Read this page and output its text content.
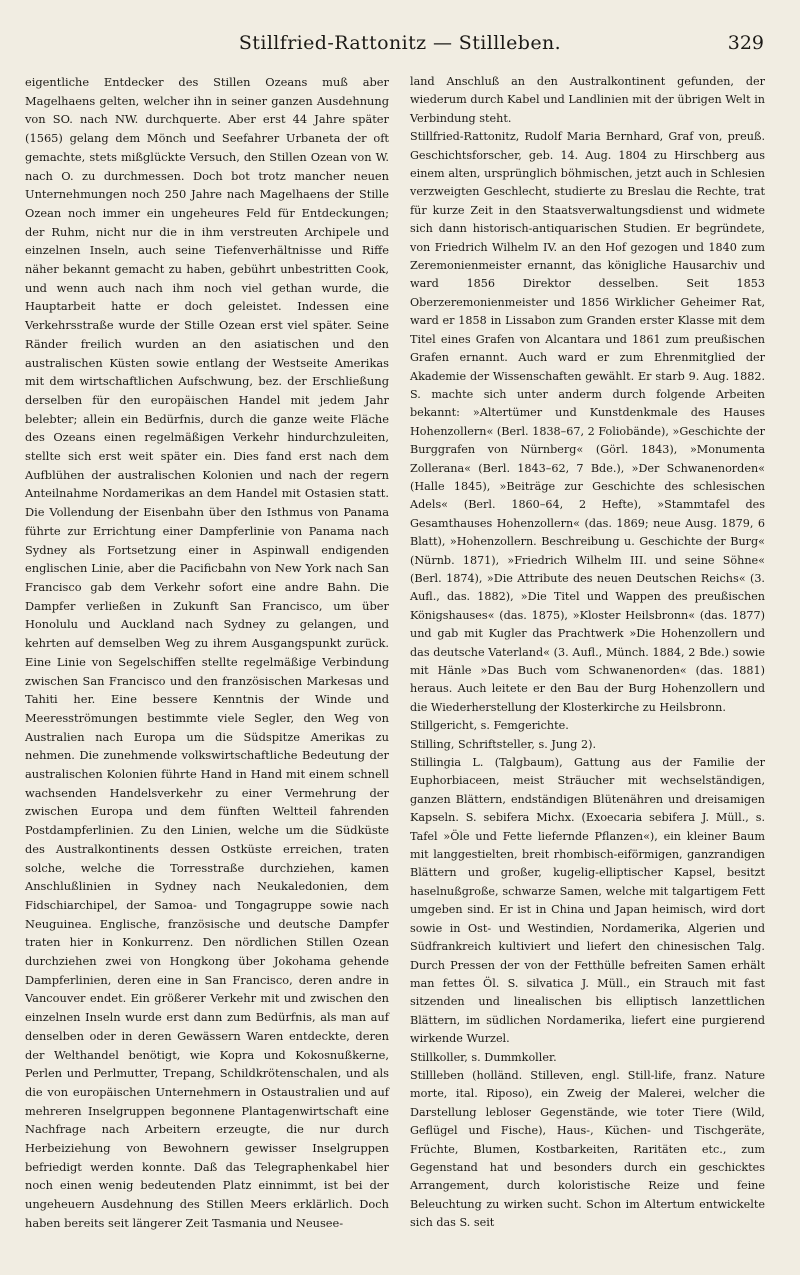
Stillfried-Rattonitz — Stillleben.	329

eigentliche Entdecker des Stillen Ozeans muß aber Magelhaens gelten, welcher ihn in seiner ganzen Ausdehnung von SO. nach NW. durchquerte. Aber erst 44 Jahre später (1565) gelang dem Mönch und Seefahrer Urbaneta der oft gemachte, stets mißglückte Versuch, den Stillen Ozean von W. nach O. zu durchmessen. Doch bot trotz mancher neuen Unternehmungen noch 250 Jahre nach Magelhaens der Stille Ozean noch immer ein ungeheures Feld für Entdeckungen; der Ruhm, nicht nur die in ihm verstreuten Archipele und einzelnen Inseln, auch seine Tiefenverhältnisse und Riffe näher bekannt gemacht zu haben, gebührt unbestritten Cook, und wenn auch nach ihm noch viel gethan wurde, die Hauptarbeit hatte er doch geleistet. Indessen eine Verkehrsstraße wurde der Stille Ozean erst viel später. Seine Ränder freilich wurden an den asiatischen und den australischen Küsten sowie entlang der Westseite Amerikas mit dem wirtschaftlichen Aufschwung, bez. der Erschließung derselben für den europäischen Handel mit jedem Jahr belebter; allein ein Bedürfnis, durch die ganze weite Fläche des Ozeans einen regelmäßigen Verkehr hindurchzuleiten, stellte sich erst weit später ein. Dies fand erst nach dem Aufblühen der australischen Kolonien und nach der regern Anteilnahme Nordamerikas an dem Handel mit Ostasien statt. Die Vollendung der Eisenbahn über den Isthmus von Panama führte zur Errichtung einer Dampferlinie von Panama nach Sydney als Fortsetzung einer in Aspinwall endigenden englischen Linie, aber die Pacificbahn von New York nach San Francisco gab dem Verkehr sofort eine andre Bahn. Die Dampfer verließen in Zukunft San Francisco, um über Honolulu und Auckland nach Sydney zu gelangen, und kehrten auf demselben Weg zu ihrem Ausgangspunkt zurück. Eine Linie von Segelschiffen stellte regelmäßige Verbindung zwischen San Francisco und den französischen Markesas und Tahiti her. Eine bessere Kenntnis der Winde und Meeresströmungen bestimmte viele Segler, den Weg von Australien nach Europa um die Südspitze Amerikas zu nehmen. Die zunehmende volkswirtschaftliche Bedeutung der australischen Kolonien führte Hand in Hand mit einem schnell wachsenden Handelsverkehr zu einer Vermehrung der zwischen Europa und dem fünften Weltteil fahrenden Postdampferlinien. Zu den Linien, welche um die Südküste des Australkontinents dessen Ostküste erreichen, traten solche, welche die Torresstraße durchziehen, kamen Anschlußlinien in Sydney nach Neukaledonien, dem Fidschiarchipel, der Samoa- und Tongagruppe sowie nach Neuguinea. Englische, französische und deutsche Dampfer traten hier in Konkurrenz. Den nördlichen Stillen Ozean durchziehen zwei von Hongkong über Jokohama gehende Dampferlinien, deren eine in San Francisco, deren andre in Vancouver endet. Ein größerer Verkehr mit und zwischen den einzelnen Inseln wurde erst dann zum Bedürfnis, als man auf denselben oder in deren Gewässern Waren entdeckte, deren der Welthandel benötigt, wie Kopra und Kokosnußkerne, Perlen und Perlmutter, Trepang, Schildkrötenschalen, und als die von europäischen Unternehmern in Ostaustralien und auf mehreren Inselgruppen begonnene Plantagenwirtschaft eine Nachfrage nach Arbeitern erzeugte, die nur durch Herbeiziehung von Bewohnern gewisser Inselgruppen befriedigt werden konnte. Daß das Telegraphenkabel hier noch einen wenig bedeutenden Platz einnimmt, ist bei der ungeheuern Ausdehnung des Stillen Meers erklärlich. Doch haben bereits seit längerer Zeit Tasmania und Neusee-

land Anschluß an den Australkontinent gefunden, der wiederum durch Kabel und Landlinien mit der übrigen Welt in Verbindung steht.

Stillfried-Rattonitz, Rudolf Maria Bernhard, Graf von, preuß. Geschichtsforscher, geb. 14. Aug. 1804 zu Hirschberg aus einem alten, ursprünglich böhmischen, jetzt auch in Schlesien verzweigten Geschlecht, studierte zu Breslau die Rechte, trat für kurze Zeit in den Staatsverwaltungsdienst und widmete sich dann historisch-antiquarischen Studien. Er begründete, von Friedrich Wilhelm IV. an den Hof gezogen und 1840 zum Zeremonienmeister ernannt, das königliche Hausarchiv und ward 1856 Direktor desselben. Seit 1853 Oberzeremonienmeister und 1856 Wirklicher Geheimer Rat, ward er 1858 in Lissabon zum Granden erster Klasse mit dem Titel eines Grafen von Alcantara und 1861 zum preußischen Grafen ernannt. Auch ward er zum Ehrenmitglied der Akademie der Wissenschaften gewählt. Er starb 9. Aug. 1882. S. machte sich unter anderm durch folgende Arbeiten bekannt: »Altertümer und Kunstdenkmale des Hauses Hohenzollern« (Berl. 1838–67, 2 Foliobände), »Geschichte der Burggrafen von Nürnberg« (Görl. 1843), »Monumenta Zollerana« (Berl. 1843–62, 7 Bde.), »Der Schwanenorden« (Halle 1845), »Beiträge zur Geschichte des schlesischen Adels« (Berl. 1860–64, 2 Hefte), »Stammtafel des Gesamthauses Hohenzollern« (das. 1869; neue Ausg. 1879, 6 Blatt), »Hohenzollern. Beschreibung u. Geschichte der Burg« (Nürnb. 1871), »Friedrich Wilhelm III. und seine Söhne« (Berl. 1874), »Die Attribute des neuen Deutschen Reichs« (3. Aufl., das. 1882), »Die Titel und Wappen des preußischen Königshauses« (das. 1875), »Kloster Heilsbronn« (das. 1877) und gab mit Kugler das Prachtwerk »Die Hohenzollern und das deutsche Vaterland« (3. Aufl., Münch. 1884, 2 Bde.) sowie mit Hänle »Das Buch vom Schwanenorden« (das. 1881) heraus. Auch leitete er den Bau der Burg Hohenzollern und die Wiederherstellung der Klosterkirche zu Heilsbronn.

Stillgericht, s. Femgerichte.

Stilling, Schriftsteller, s. Jung 2).

Stillingia L. (Talgbaum), Gattung aus der Familie der Euphorbiaceen, meist Sträucher mit wechselständigen, ganzen Blättern, endständigen Blütenähren und dreisamigen Kapseln. S. sebifera Michx. (Exoecaria sebifera J. Müll., s. Tafel »Öle und Fette liefernde Pflanzen«), ein kleiner Baum mit langgestielten, breit rhombisch-eiförmigen, ganzrandigen Blättern und großer, kugelig-elliptischer Kapsel, besitzt haselnußgroße, schwarze Samen, welche mit talgartigem Fett umgeben sind. Er ist in China und Japan heimisch, wird dort sowie in Ost- und Westindien, Nordamerika, Algerien und Südfrankreich kultiviert und liefert den chinesischen Talg. Durch Pressen der von der Fetthülle befreiten Samen erhält man fettes Öl. S. silvatica J. Müll., ein Strauch mit fast sitzenden und linealischen bis elliptisch lanzettlichen Blättern, im südlichen Nordamerika, liefert eine purgierend wirkende Wurzel.

Stillkoller, s. Dummkoller.

Stillleben (holländ. Stilleven, engl. Still-life, franz. Nature morte, ital. Riposo), ein Zweig der Malerei, welcher die Darstellung lebloser Gegenstände, wie toter Tiere (Wild, Geflügel und Fische), Haus-, Küchen- und Tischgeräte, Früchte, Blumen, Kostbarkeiten, Raritäten etc., zum Gegenstand hat und besonders durch ein geschicktes Arrangement, durch koloristische Reize und feine Beleuchtung zu wirken sucht. Schon im Altertum entwickelte sich das S. seit
